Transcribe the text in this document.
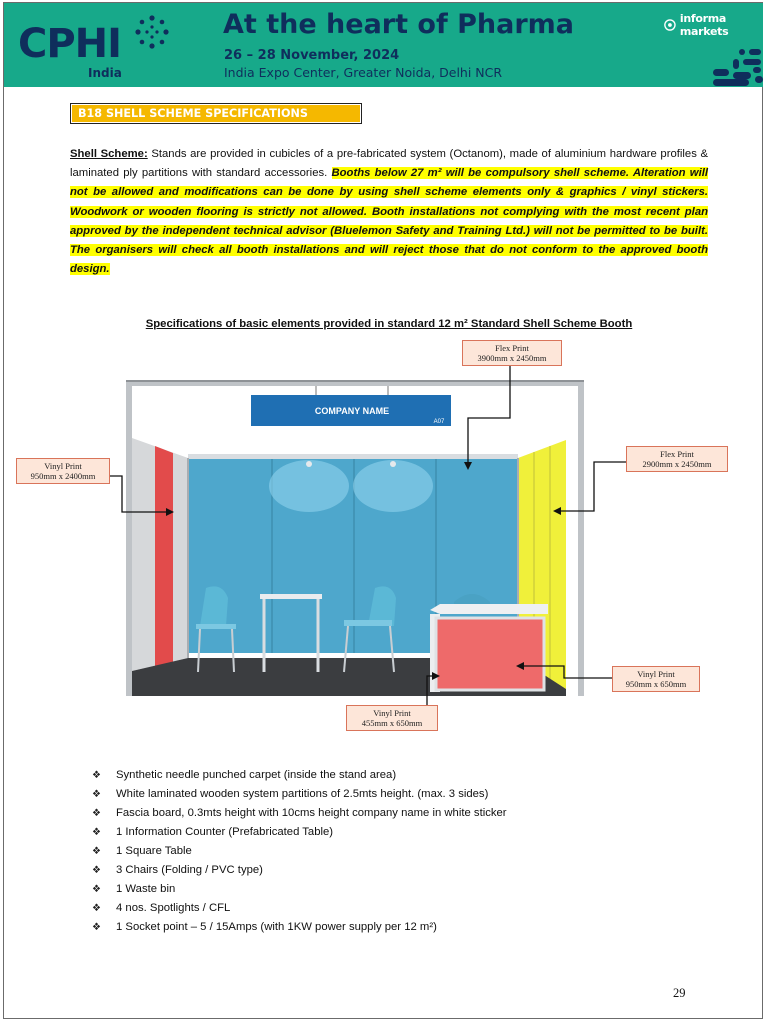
CPHI
India
At the heart of Pharma
26 – 28 November, 2024
India Expo Center, Greater Noida, Delhi NCR
informa markets
B18 SHELL SCHEME SPECIFICATIONS
Shell Scheme: Stands are provided in cubicles of a pre-fabricated system (Octanom), made of aluminium hardware profiles & laminated ply partitions with standard accessories. Booths below 27 m² will be compulsory shell scheme. Alteration will not be allowed and modifications can be done by using shell scheme elements only & graphics / vinyl stickers. Woodwork or wooden flooring is strictly not allowed. Booth installations not complying with the most recent plan approved by the independent technical advisor (Bluelemon Safety and Training Ltd.) will not be permitted to be built. The organisers will check all booth installations and will reject those that do not conform to the approved booth design.
Specifications of basic elements provided in standard 12 m² Standard Shell Scheme Booth
COMPANY NAME
A07
Flex Print
3900mm x 2450mm
Flex Print
2900mm x 2450mm
Vinyl Print
950mm x 2400mm
Vinyl Print
950mm x 650mm
Vinyl Print
455mm x 650mm
❖	Synthetic needle punched carpet (inside the stand area)
❖	White laminated wooden system partitions of 2.5mts height. (max. 3 sides)
❖	Fascia board, 0.3mts height with 10cms height company name in white sticker
❖	1 Information Counter (Prefabricated Table)
❖	1 Square Table
❖	3 Chairs (Folding / PVC type)
❖	1 Waste bin
❖	4 nos. Spotlights / CFL
❖	1 Socket point – 5 / 15Amps (with 1KW power supply per 12 m²)
29
